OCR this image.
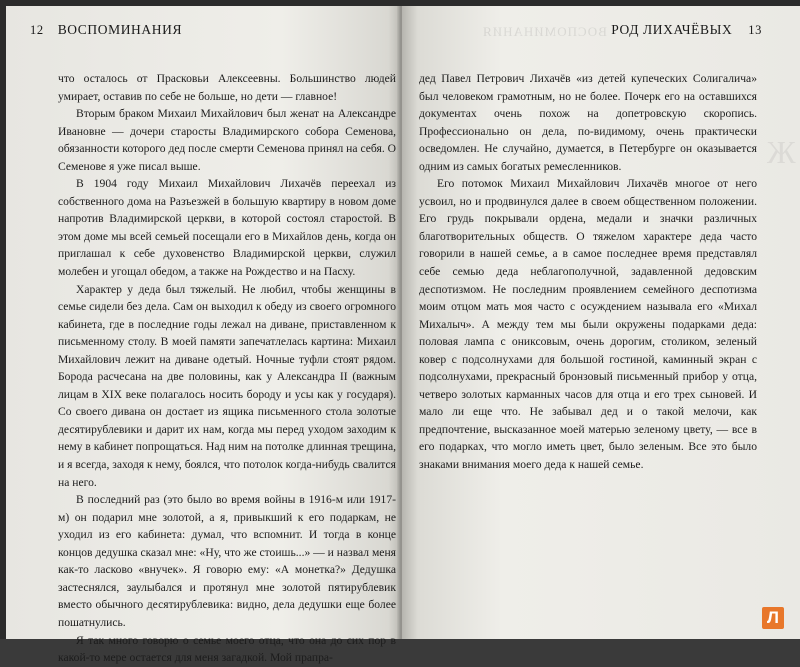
12 ВОСПОМИНАНИЯ

что осталось от Прасковьи Алексеевны. Большинство людей умирает, оставив по себе не больше, но дети — главное!

Вторым браком Михаил Михайлович был женат на Александре Ивановне — дочери старосты Владимирского собора Семенова, обязанности которого дед после смерти Семенова принял на себя. О Семенове я уже писал выше.

В 1904 году Михаил Михайлович Лихачёв переехал из собственного дома на Разъезжей в большую квартиру в новом доме напротив Владимирской церкви, в которой состоял старостой. В этом доме мы всей семьей посещали его в Михайлов день, когда он приглашал к себе духовенство Владимирской церкви, служил молебен и угощал обедом, а также на Рождество и на Пасху.

Характер у деда был тяжелый. Не любил, чтобы женщины в семье сидели без дела. Сам он выходил к обеду из своего огромного кабинета, где в последние годы лежал на диване, приставленном к письменному столу. В моей памяти запечатлелась картина: Михаил Михайлович лежит на диване одетый. Ночные туфли стоят рядом. Борода расчесана на две половины, как у Александра II (важным лицам в XIX веке полагалось носить бороду и усы как у государя). Со своего дивана он достает из ящика письменного стола золотые десятирублевики и дарит их нам, когда мы перед уходом заходим к нему в кабинет попрощаться. Над ним на потолке длинная трещина, и я всегда, заходя к нему, боялся, что потолок когда-нибудь свалится на него.

В последний раз (это было во время войны в 1916-м или 1917-м) он подарил мне золотой, а я, привыкший к его подаркам, не уходил из его кабинета: думал, что вспомнит. И тогда в конце концов дедушка сказал мне: «Ну, что же стоишь...» — и назвал меня как-то ласково «внучек». Я говорю ему: «А монетка?» Дедушка застеснялся, заулыбался и протянул мне золотой пятирублевик вместо обычного десятирублевика: видно, дела дедушки еще более пошатнулись.

Я так много говорю о семье моего отца, что она до сих пор в какой-то мере остается для меня загадкой. Мой прапра-

ВОСПОМИНАНИЯ
Ж
РОД ЛИХАЧЁВЫХ 13

дед Павел Петрович Лихачёв «из детей купеческих Солигалича» был человеком грамотным, но не более. Почерк его на оставшихся документах очень похож на допетровскую скоропись. Профессионально он дела, по-видимому, очень практически осведомлен. Не случайно, думается, в Петербурге он оказывается одним из самых богатых ремесленников.

Его потомок Михаил Михайлович Лихачёв многое от него усвоил, но и продвинулся далее в своем общественном положении. Его грудь покрывали ордена, медали и значки различных благотворительных обществ. О тяжелом характере деда часто говорили в нашей семье, а в самое последнее время представлял себе семью деда неблагополучной, задавленной дедовским деспотизмом. Не последним проявлением семейного деспотизма моим отцом мать моя часто с осуждением называла его «Михал Михалыч». А между тем мы были окружены подарками деда: половая лампа с ониксовым, очень дорогим, столиком, зеленый ковер с подсолнухами для большой гостиной, каминный экран с подсолнухами, прекрасный бронзовый письменный прибор у отца, четверо золотых карманных часов для отца и его трех сыновей. И мало ли еще что. Не забывал дед и о такой мелочи, как предпочтение, высказанное моей матерью зеленому цвету, — все в его подарках, что могло иметь цвет, было зеленым. Все это было знаками внимания моего деда к нашей семье.

Л
